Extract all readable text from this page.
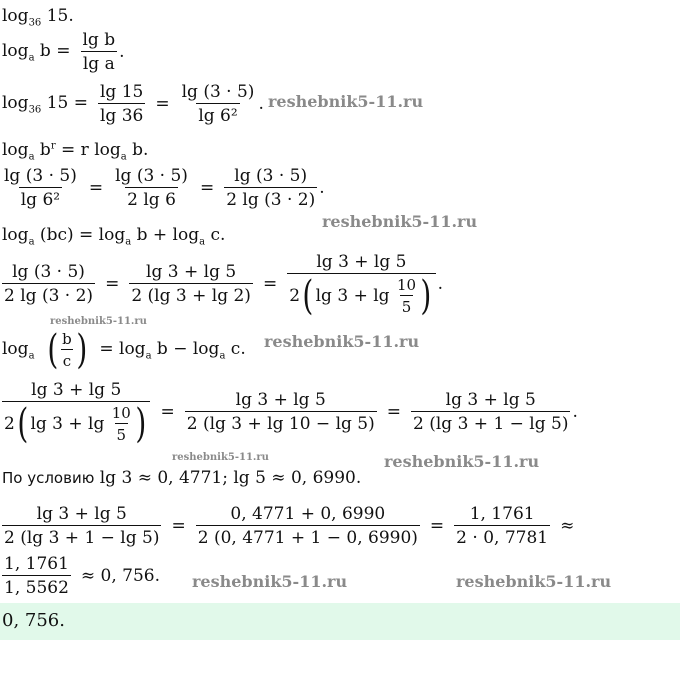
$\log_{36} 15$.
$\log_a b = \frac{\text{lg b}}{\text{lg a}}$ .
$\log_{36} 15 = \frac{\lg 15}{\lg 36} = \frac{\lg (3 \cdot 5)}{\text{lg 6²}}$ .
$\log_a b^r = r$ $\log_a b$.
$\frac{\lg (3 \cdot 5)}{\text{lg 6²}} = \frac{\lg (3 \cdot 5)}{2 \lg 6} = \frac{\lg (3 \cdot 5)}{2 \lg (3 \cdot 2)}$ .
$\log_a (bc) = \log_a b + \log_a c$.
$\frac{\lg (3 \cdot 5)}{2 \lg (3 \cdot 2)} = \frac{\lg 3 + \lg 5}{2 (\lg 3 + \lg 2)}$ =
lg 3 + lg 5
2 ( lg 3 + lg
$\frac{10}{5}$ ) .
$\log_a$ ( $\frac{b}{c}$ ) = $\log_a b - \log_a c$.
lg 3 + lg 5
2 ( lg 3 + lg
$\frac{10}{5}$ ) = $\frac{\lg 3 + \lg 5}{2 (\lg 3 + \lg 10 - \lg 5)} = \frac{\lg 3 + \lg 5}{2 (\lg 3 + 1 - \lg 5)}$ .
По условию lg 3 ≈ 0, 4771; lg 5 ≈ 0, 6990.
$\frac{\lg 3 + \lg 5}{2 (\lg 3 + 1 - \lg 5)} = \frac{0, 4771 + 0, 6990}{2 (0, 4771 + 1 - 0, 6990)} = \frac{1, 1761}{2 \cdot 0, 7781}$ ≈
$\frac{1, 1761}{1, 5562} \approx 0$, 756.
0, 756.
reshebnik5-11.ru
reshebnik5-11.ru
reshebnik5-11.ru
reshebnik5-11.ru
reshebnik5-11.ru	reshebnik5-11.ru
reshebnik5-11.ru	reshebnik5-11.ru
